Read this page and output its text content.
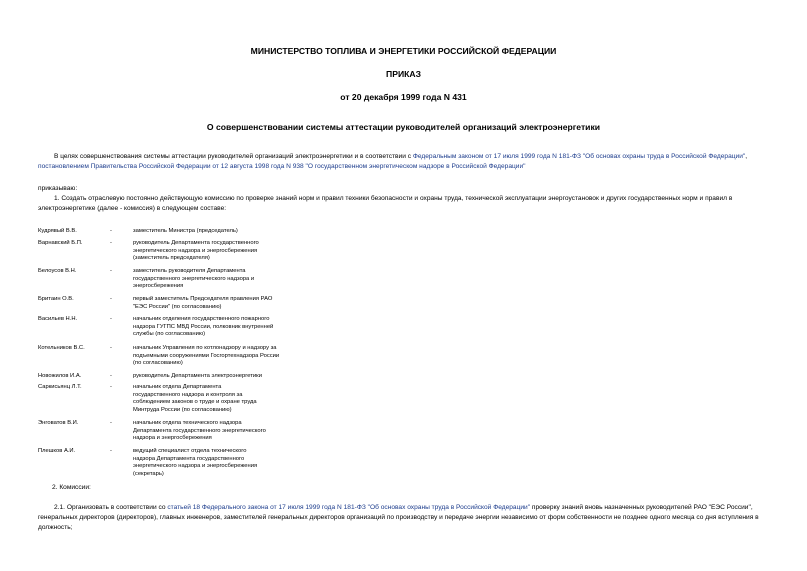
МИНИСТЕРСТВО ТОПЛИВА И ЭНЕРГЕТИКИ РОССИЙСКОЙ ФЕДЕРАЦИИ
ПРИКАЗ
от 20 декабря 1999 года N 431
О совершенствовании системы аттестации руководителей организаций электроэнергетики
В целях совершенствования системы аттестации руководителей организаций электроэнергетики и в соответствии с Федеральным законом от 17 июля 1999 года N 181-ФЗ "Об основах охраны труда в Российской Федерации", постановлением Правительства Российской Федерации от 12 августа 1998 года N 938 "О государственном энергетическом надзоре в Российской Федерации"
приказываю:
1. Создать отраслевую постоянно действующую комиссию по проверке знаний норм и правил техники безопасности и охраны труда, технической эксплуатации энергоустановок и других государственных норм и правил в электроэнергетике (далее - комиссия) в следующем составе:
Кудрявый В.В.	-	заместитель Министра (председатель)
Варнавский Б.П.	-	руководитель Департамента государственного
энергетического надзора и энергосбережения
(заместитель председателя)
Белоусов В.Н.	-	заместитель руководителя Департамента
государственного энергетического надзора и
энергосбережения
Бритаин О.В.	-	первый заместитель Председателя правления РАО
"ЕЭС России" (по согласованию)
Васильев Н.Н.	-	начальник отделения государственного пожарного
надзора ГУГПС МВД России, полковник внутренней
службы (по согласованию)
Котельников В.С.	-	начальник Управления по котлонадзору и надзору за
подъемными сооружениями Госгортехнадзора России
(по согласованию)
Новожилов И.А.	-	руководитель Департамента электроэнергетики
Саркисьянц Л.Т.	-	начальник отдела Департамента
государственного надзора и контроля за
соблюдением законов о труде и охране труда
Минтруда России (по согласованию)
Энговатов В.И.	-	начальник отдела технического надзора
Департамента государственного энергетического
надзора и энергосбережения
Плешков А.И.	-	ведущий специалист отдела технического
надзора Департамента государственного
энергетического надзора и энергосбережения
(секретарь)
2. Комиссии:
2.1. Организовать в соответствии со статьей 18 Федерального закона от 17 июля 1999 года N 181-ФЗ "Об основах охраны труда в Российской Федерации" проверку знаний вновь назначенных руководителей РАО "ЕЭС России", генеральных директоров (директоров), главных инженеров, заместителей генеральных директоров организаций по производству и передаче энергии независимо от форм собственности не позднее одного месяца со дня вступления в должность;
